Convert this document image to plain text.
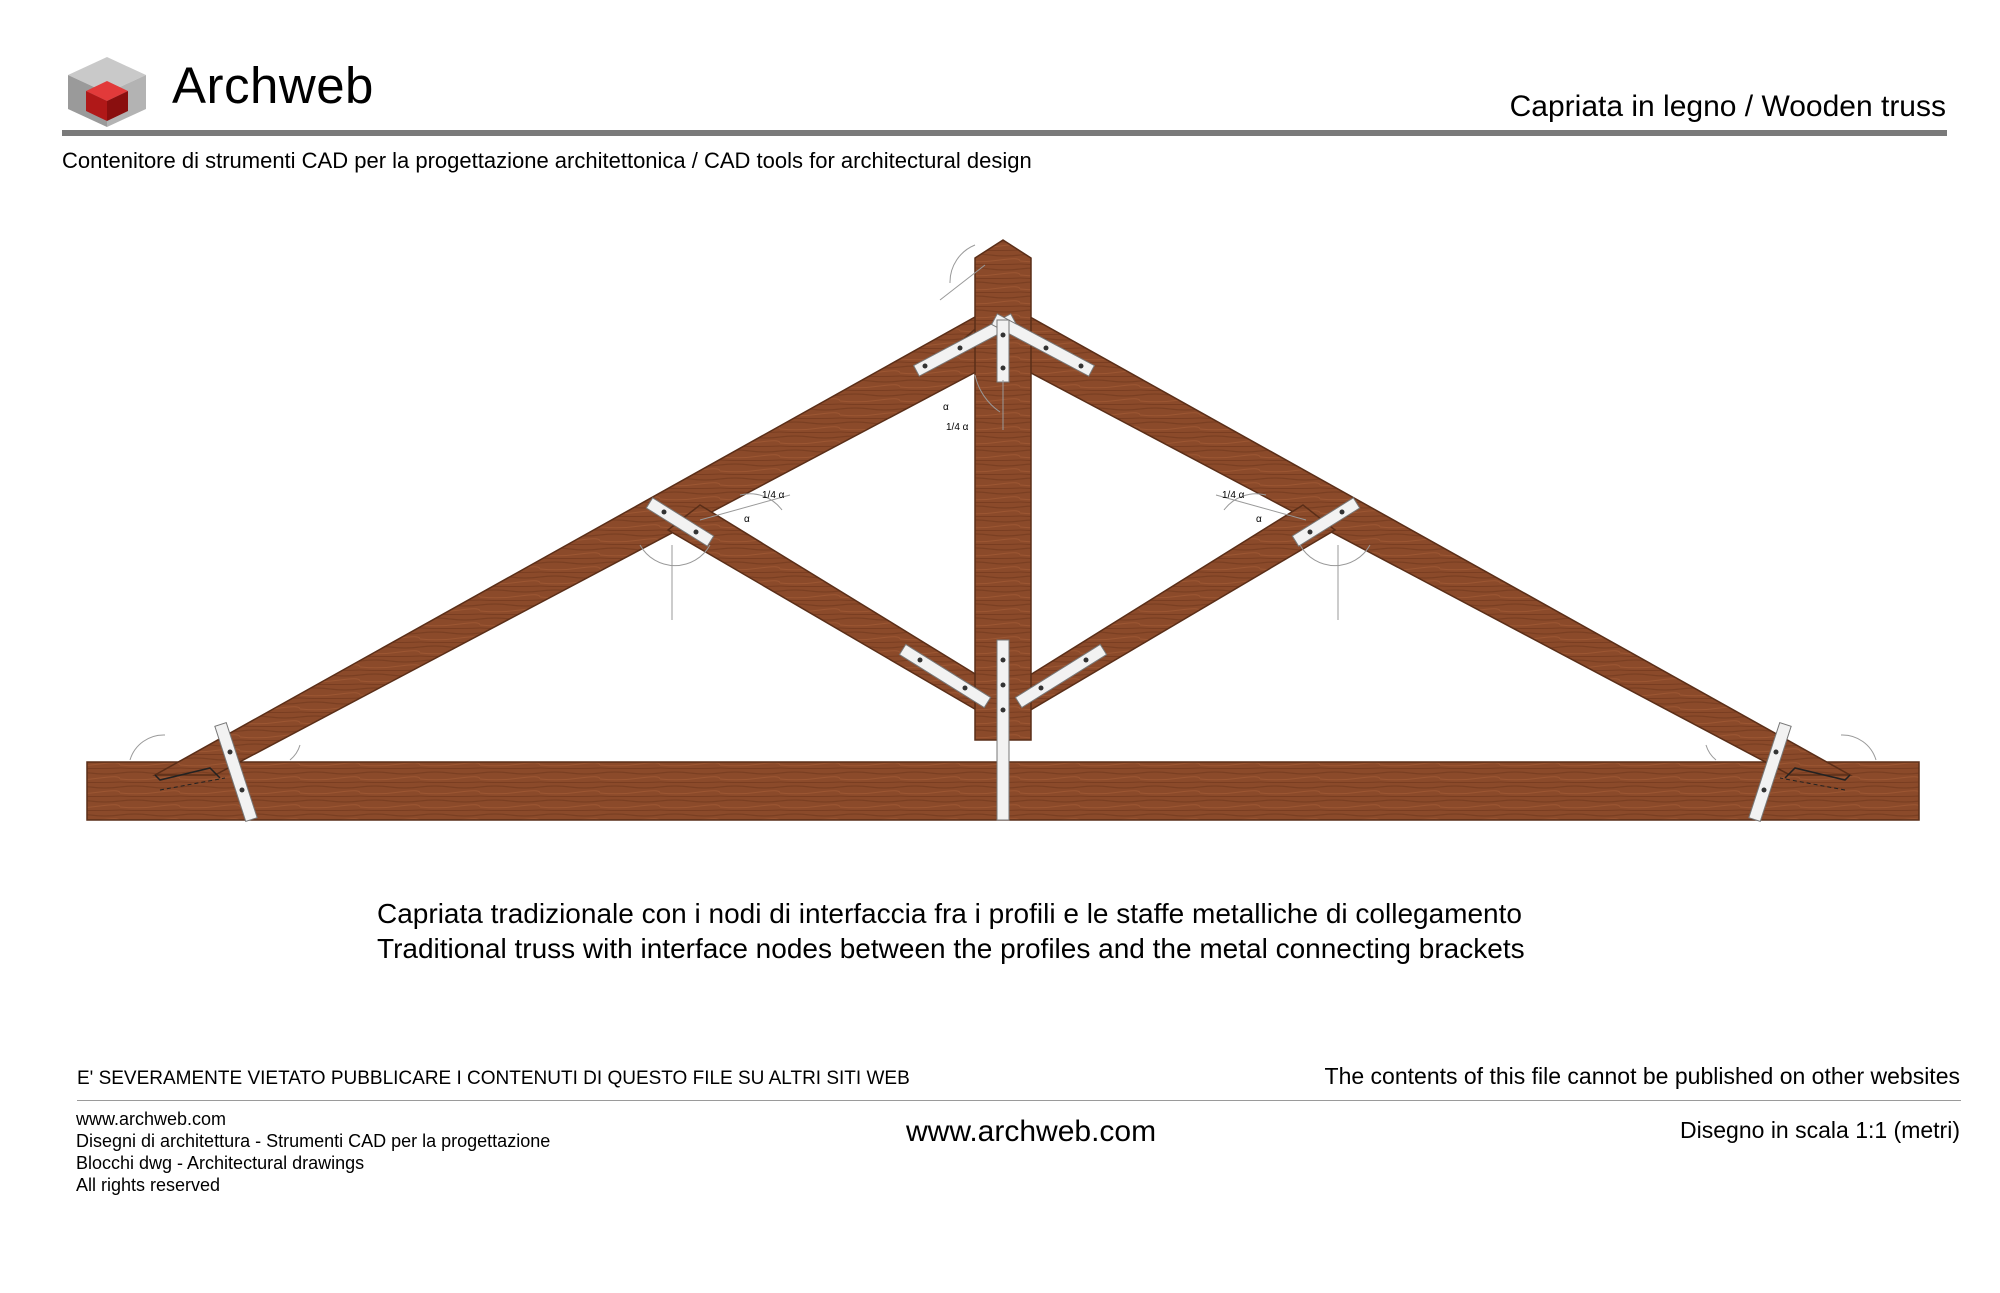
Archweb	Capriata in legno / Wooden truss
Contenitore di strumenti CAD per la progettazione architettonica / CAD tools for architectural design
α
1/4 α
1/4 α
α
1/4 α
α
Capriata tradizionale con i nodi di interfaccia fra i profili e le staffe metalliche di collegamento
Traditional truss with interface nodes between the profiles and the metal connecting brackets
E' SEVERAMENTE VIETATO PUBBLICARE I CONTENUTI DI QUESTO FILE SU ALTRI SITI WEB	The contents of this file cannot be published on other websites
www.archweb.com
Disegni di architettura - Strumenti CAD per la progettazione
Blocchi dwg - Architectural drawings
All rights reserved
www.archweb.com	Disegno in scala 1:1 (metri)
